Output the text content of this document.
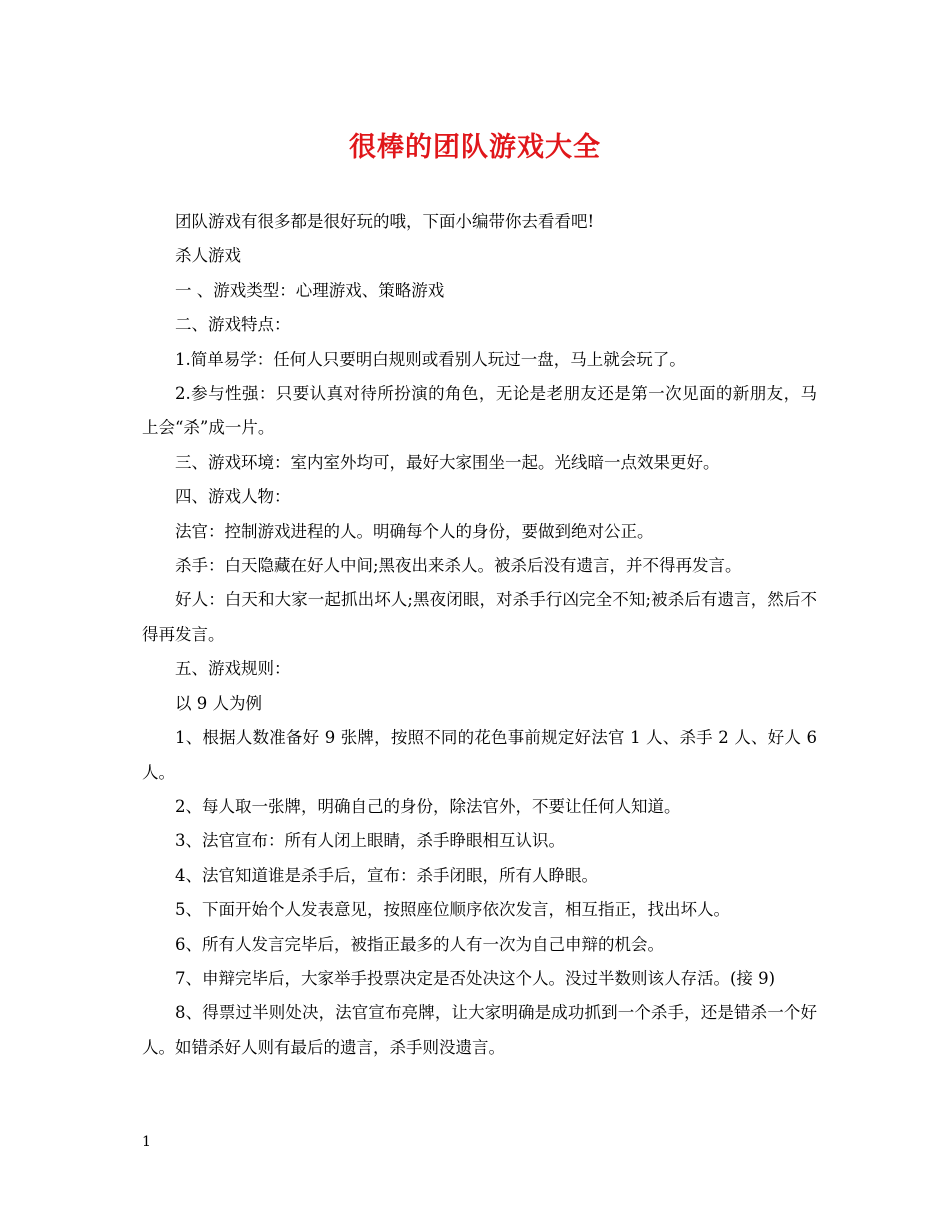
很棒的团队游戏大全

团队游戏有很多都是很好玩的哦，下面小编带你去看看吧!

杀人游戏

一 、游戏类型：心理游戏、策略游戏

二、游戏特点：

1.简单易学：任何人只要明白规则或看别人玩过一盘，马上就会玩了。

2.参与性强：只要认真对待所扮演的角色，无论是老朋友还是第一次见面的新朋友，马上会“杀”成一片。

三、游戏环境：室内室外均可，最好大家围坐一起。光线暗一点效果更好。

四、游戏人物：

法官：控制游戏进程的人。明确每个人的身份，要做到绝对公正。

杀手：白天隐藏在好人中间;黑夜出来杀人。被杀后没有遗言，并不得再发言。

好人：白天和大家一起抓出坏人;黑夜闭眼，对杀手行凶完全不知;被杀后有遗言，然后不得再发言。

五、游戏规则：

以 9 人为例

1、根据人数准备好 9 张牌，按照不同的花色事前规定好法官 1 人、杀手 2 人、好人 6 人。

2、每人取一张牌，明确自己的身份，除法官外，不要让任何人知道。

3、法官宣布：所有人闭上眼睛，杀手睁眼相互认识。

4、法官知道谁是杀手后，宣布：杀手闭眼，所有人睁眼。

5、下面开始个人发表意见，按照座位顺序依次发言，相互指正，找出坏人。

6、所有人发言完毕后，被指正最多的人有一次为自己申辩的机会。

7、申辩完毕后，大家举手投票决定是否处决这个人。没过半数则该人存活。(接 9)

8、得票过半则处决，法官宣布亮牌，让大家明确是成功抓到一个杀手，还是错杀一个好人。如错杀好人则有最后的遗言，杀手则没遗言。

1
